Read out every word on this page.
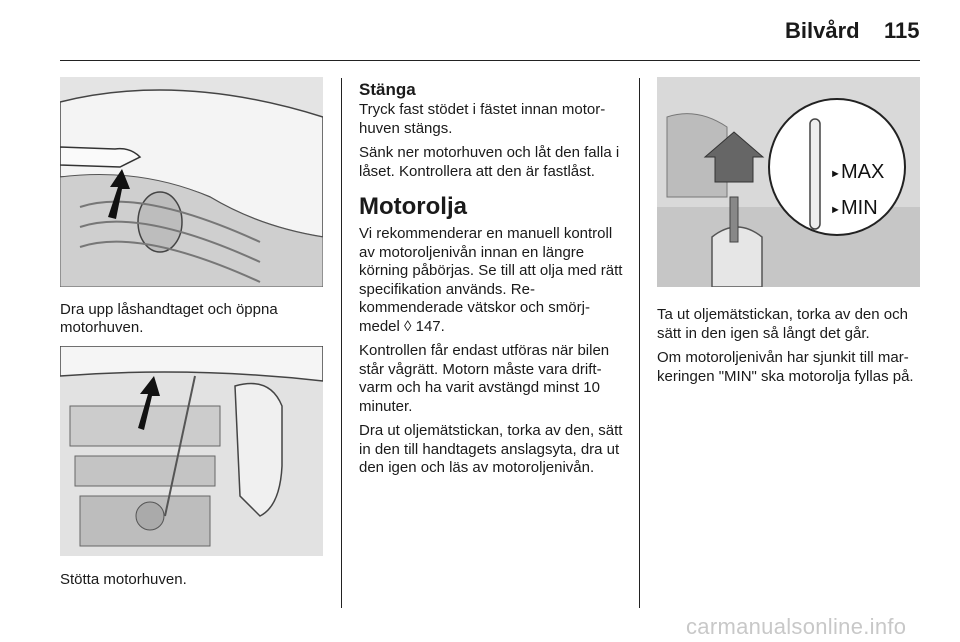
Bilvård 115
Dra upp låshandtaget och öppna motorhuven.
Stötta motorhuven.
Stänga

Tryck fast stödet i fästet innan motorhuven stängs.

Sänk ner motorhuven och låt den falla i låset. Kontrollera att den är fastlåst.

Motorolja

Vi rekommenderar en manuell kontroll av motoroljenivån innan en längre körning påbörjas. Se till att olja med rätt specifikation används. Rekommenderade vätskor och smörjmedel ◊ 147.

Kontrollen får endast utföras när bilen står vågrätt. Motorn måste vara driftvarm och ha varit avstängd minst 10 minuter.

Dra ut oljemätstickan, torka av den, sätt in den till handtagets anslagsyta, dra ut den igen och läs av motoroljenivån.

►
►
MAX
MIN

Ta ut oljemätstickan, torka av den och sätt in den igen så långt det går.

Om motoroljenivån har sjunkit till markeringen "MIN" ska motorolja fyllas på.

carmanualsonline.info
